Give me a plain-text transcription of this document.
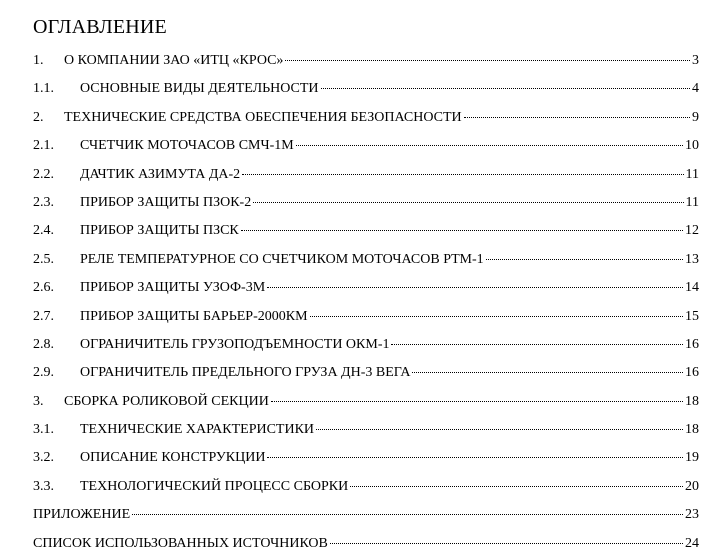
ОГЛАВЛЕНИЕ
1.	О КОМПАНИИ ЗАО «ИТЦ «КРОС»	3
1.1.	ОСНОВНЫЕ ВИДЫ ДЕЯТЕЛЬНОСТИ	4
2.	ТЕХНИЧЕСКИЕ СРЕДСТВА ОБЕСПЕЧЕНИЯ БЕЗОПАСНОСТИ	9
2.1.	СЧЕТЧИК МОТОЧАСОВ СМЧ-1М	10
2.2.	ДАЧТИК АЗИМУТА ДА-2	11
2.3.	ПРИБОР ЗАЩИТЫ ПЗОК-2	11
2.4.	ПРИБОР ЗАЩИТЫ ПЗСК	12
2.5.	РЕЛЕ ТЕМПЕРАТУРНОЕ СО СЧЕТЧИКОМ МОТОЧАСОВ РТМ-1	13
2.6.	ПРИБОР ЗАЩИТЫ УЗОФ-3М	14
2.7.	ПРИБОР ЗАЩИТЫ БАРЬЕР-2000КМ	15
2.8.	ОГРАНИЧИТЕЛЬ ГРУЗОПОДЪЕМНОСТИ ОКМ-1	16
2.9.	ОГРАНИЧИТЕЛЬ ПРЕДЕЛЬНОГО ГРУЗА ДН-3 ВЕГА	16
3.	СБОРКА РОЛИКОВОЙ СЕКЦИИ	18
3.1.	ТЕХНИЧЕСКИЕ ХАРАКТЕРИСТИКИ	18
3.2.	ОПИСАНИЕ КОНСТРУКЦИИ	19
3.3.	ТЕХНОЛОГИЧЕСКИЙ ПРОЦЕСС СБОРКИ	20
ПРИЛОЖЕНИЕ	23
СПИСОК ИСПОЛЬЗОВАННЫХ ИСТОЧНИКОВ	24
